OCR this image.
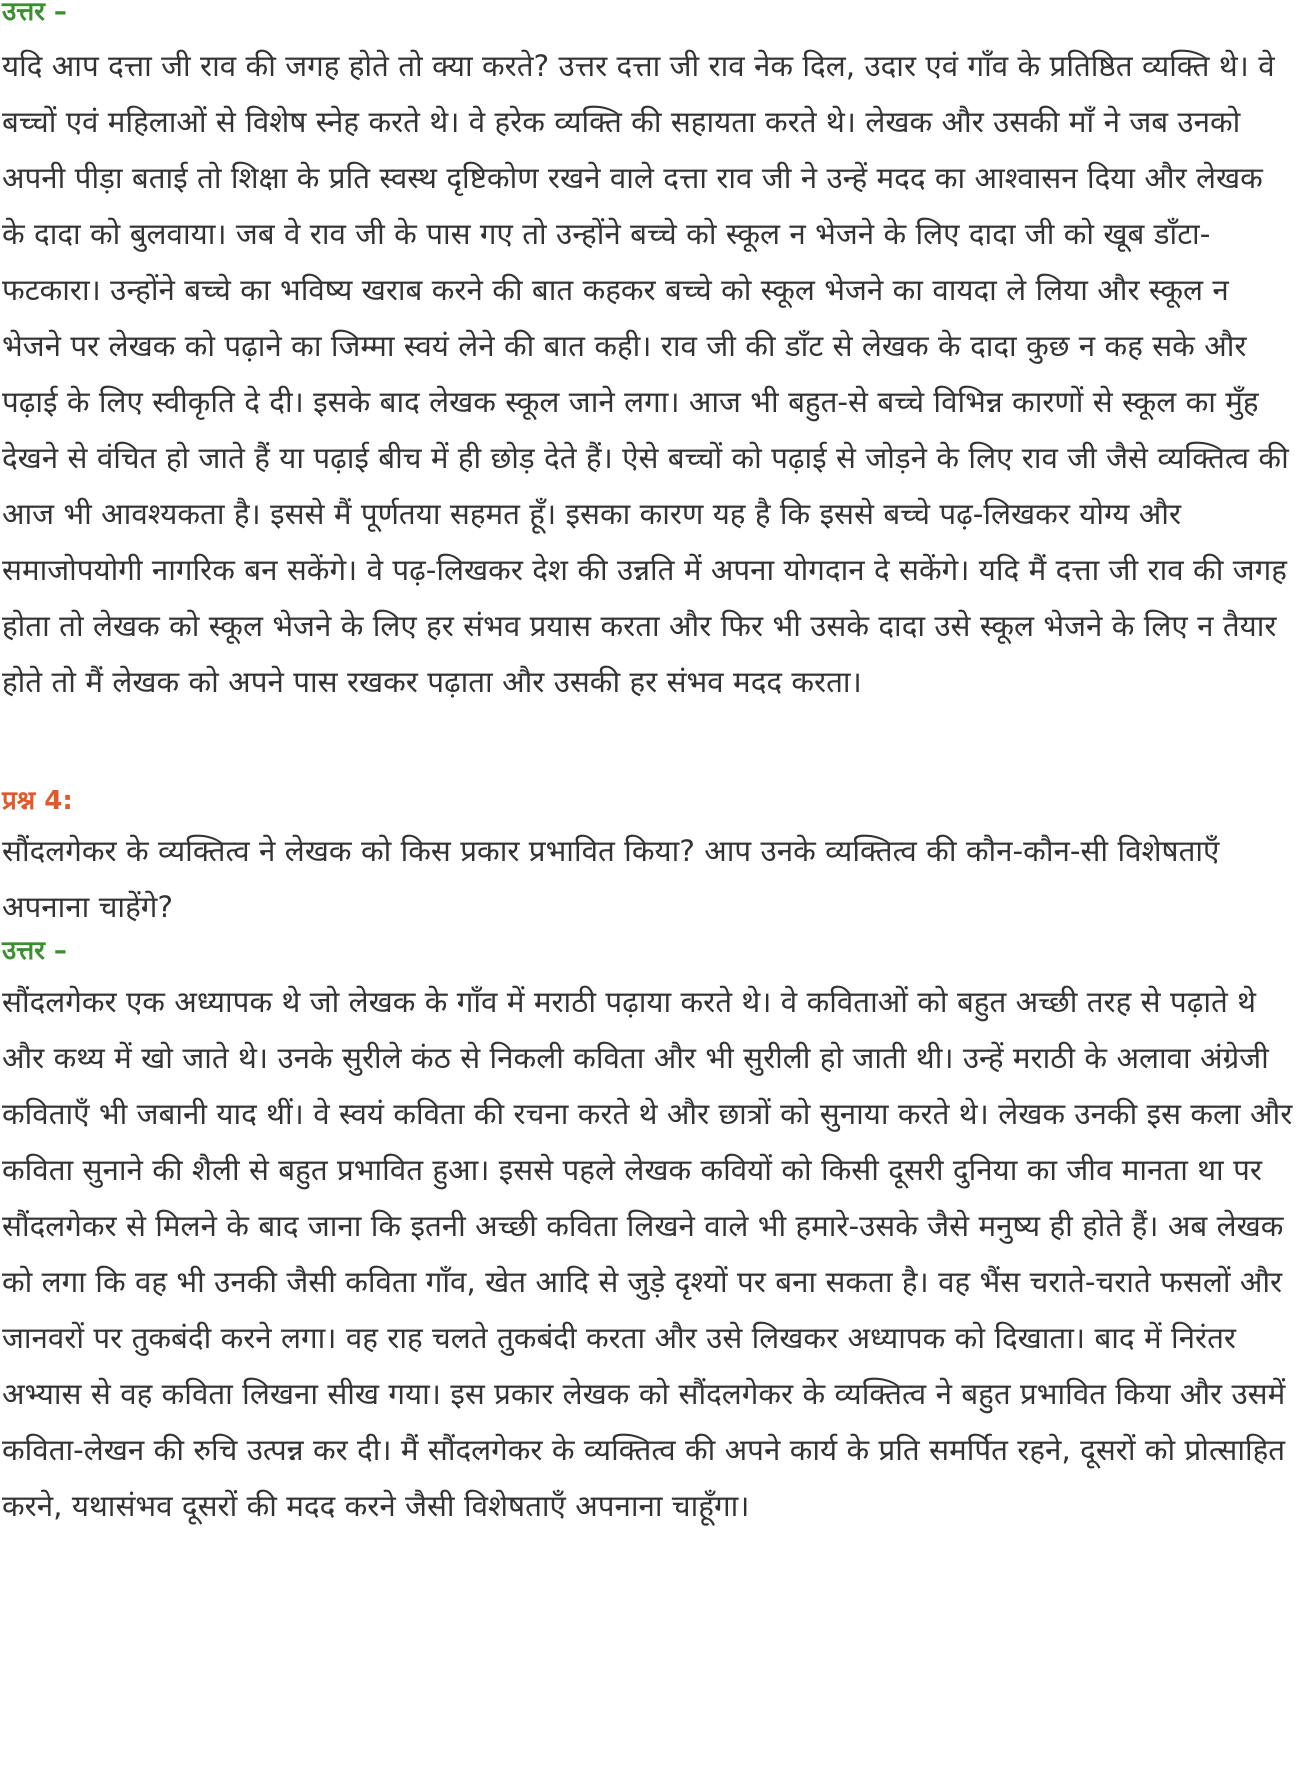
उत्तर –

यदि आप दत्ता जी राव की जगह होते तो क्या करते? उत्तर दत्ता जी राव नेक दिल, उदार एवं गाँव के प्रतिष्ठित व्यक्ति थे। वे बच्चों एवं महिलाओं से विशेष स्नेह करते थे। वे हरेक व्यक्ति की सहायता करते थे। लेखक और उसकी माँ ने जब उनको अपनी पीड़ा बताई तो शिक्षा के प्रति स्वस्थ दृष्टिकोण रखने वाले दत्ता राव जी ने उन्हें मदद का आश्वासन दिया और लेखक के दादा को बुलवाया। जब वे राव जी के पास गए तो उन्होंने बच्चे को स्कूल न भेजने के लिए दादा जी को खूब डाँटा-फटकारा। उन्होंने बच्चे का भविष्य खराब करने की बात कहकर बच्चे को स्कूल भेजने का वायदा ले लिया और स्कूल न भेजने पर लेखक को पढ़ाने का जिम्मा स्वयं लेने की बात कही। राव जी की डाँट से लेखक के दादा कुछ न कह सके और पढ़ाई के लिए स्वीकृति दे दी। इसके बाद लेखक स्कूल जाने लगा। आज भी बहुत-से बच्चे विभिन्न कारणों से स्कूल का मुँह देखने से वंचित हो जाते हैं या पढ़ाई बीच में ही छोड़ देते हैं। ऐसे बच्चों को पढ़ाई से जोड़ने के लिए राव जी जैसे व्यक्तित्व की आज भी आवश्यकता है। इससे मैं पूर्णतया सहमत हूँ। इसका कारण यह है कि इससे बच्चे पढ़-लिखकर योग्य और समाजोपयोगी नागरिक बन सकेंगे। वे पढ़-लिखकर देश की उन्नति में अपना योगदान दे सकेंगे। यदि मैं दत्ता जी राव की जगह होता तो लेखक को स्कूल भेजने के लिए हर संभव प्रयास करता और फिर भी उसके दादा उसे स्कूल भेजने के लिए न तैयार होते तो मैं लेखक को अपने पास रखकर पढ़ाता और उसकी हर संभव मदद करता।

प्रश्न 4:

सौंदलगेकर के व्यक्तित्व ने लेखक को किस प्रकार प्रभावित किया? आप उनके व्यक्तित्व की कौन-कौन-सी विशेषताएँ अपनाना चाहेंगे?

उत्तर –

सौंदलगेकर एक अध्यापक थे जो लेखक के गाँव में मराठी पढ़ाया करते थे। वे कविताओं को बहुत अच्छी तरह से पढ़ाते थे और कथ्य में खो जाते थे। उनके सुरीले कंठ से निकली कविता और भी सुरीली हो जाती थी। उन्हें मराठी के अलावा अंग्रेजी कविताएँ भी जबानी याद थीं। वे स्वयं कविता की रचना करते थे और छात्रों को सुनाया करते थे। लेखक उनकी इस कला और कविता सुनाने की शैली से बहुत प्रभावित हुआ। इससे पहले लेखक कवियों को किसी दूसरी दुनिया का जीव मानता था पर सौंदलगेकर से मिलने के बाद जाना कि इतनी अच्छी कविता लिखने वाले भी हमारे-उसके जैसे मनुष्य ही होते हैं। अब लेखक को लगा कि वह भी उनकी जैसी कविता गाँव, खेत आदि से जुड़े दृश्यों पर बना सकता है। वह भैंस चराते-चराते फसलों और जानवरों पर तुकबंदी करने लगा। वह राह चलते तुकबंदी करता और उसे लिखकर अध्यापक को दिखाता। बाद में निरंतर अभ्यास से वह कविता लिखना सीख गया। इस प्रकार लेखक को सौंदलगेकर के व्यक्तित्व ने बहुत प्रभावित किया और उसमें कविता-लेखन की रुचि उत्पन्न कर दी। मैं सौंदलगेकर के व्यक्तित्व की अपने कार्य के प्रति समर्पित रहने, दूसरों को प्रोत्साहित करने, यथासंभव दूसरों की मदद करने जैसी विशेषताएँ अपनाना चाहूँगा।
